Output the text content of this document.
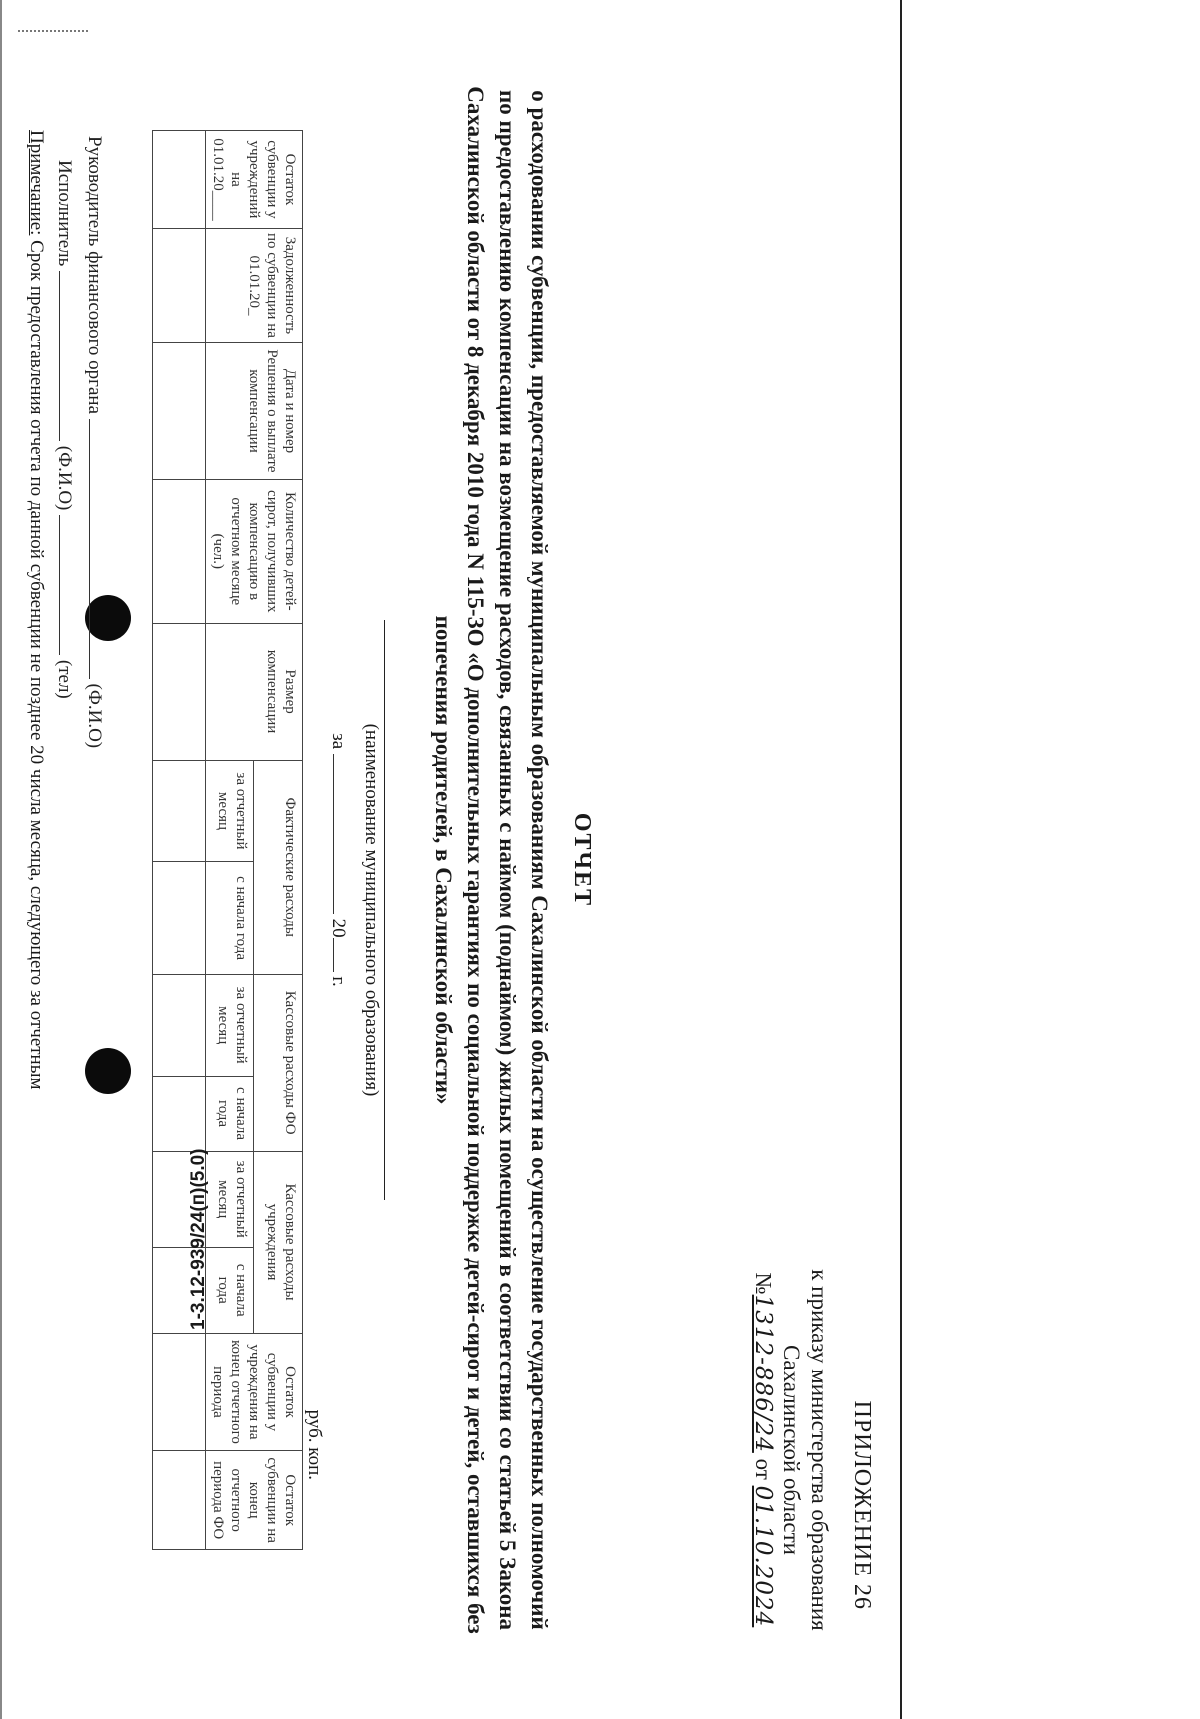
ПРИЛОЖЕНИЕ 26
к приказу министерства образования
Сахалинской области
№1312-886/24 от 01.10.2024
ОТЧЕТ
о расходовании субвенции, предоставляемой муниципальным образованиям Сахалинской области на осуществление государственных полномочий по предоставлению компенсации на возмещение расходов, связанных с наймом (поднаймом) жилых помещений в соответствии со статьей 5 Закона Сахалинской области от 8 декабря 2010 года N 115-ЗО «О дополнительных гарантиях по социальной поддержке детей-сирот и детей, оставшихся без попечения родителей, в Сахалинской области»
(наименование муниципального образования)
за  20 г.
руб. коп.
Остаток субвенции у учреждений на 01.01.20____	Задолженность по субвенции на 01.01.20_	Дата и номер Решения о выплате компенсации	Количество детей-сирот, получивших компенсацию в отчетном месяце (чел.)	Размер компенсации	Фактические расходы		Кассовые расходы ФО		Кассовые расходы учреждения		Остаток субвенции у учреждения на конец отчетного периода	Остаток субвенции на конец отчетного периода ФО
					за отчетный месяц	с начала года	за отчетный месяц	с начала года	за отчетный месяц	с начала года		

Руководитель финансового органа  (Ф.И.О)
Исполнитель  (Ф.И.О)  (тел)
Примечание: Срок предоставления отчета по данной субвенции не позднее 20 числа месяца, следующего за отчетным
1-3.12-939/24(п)(5.0)
